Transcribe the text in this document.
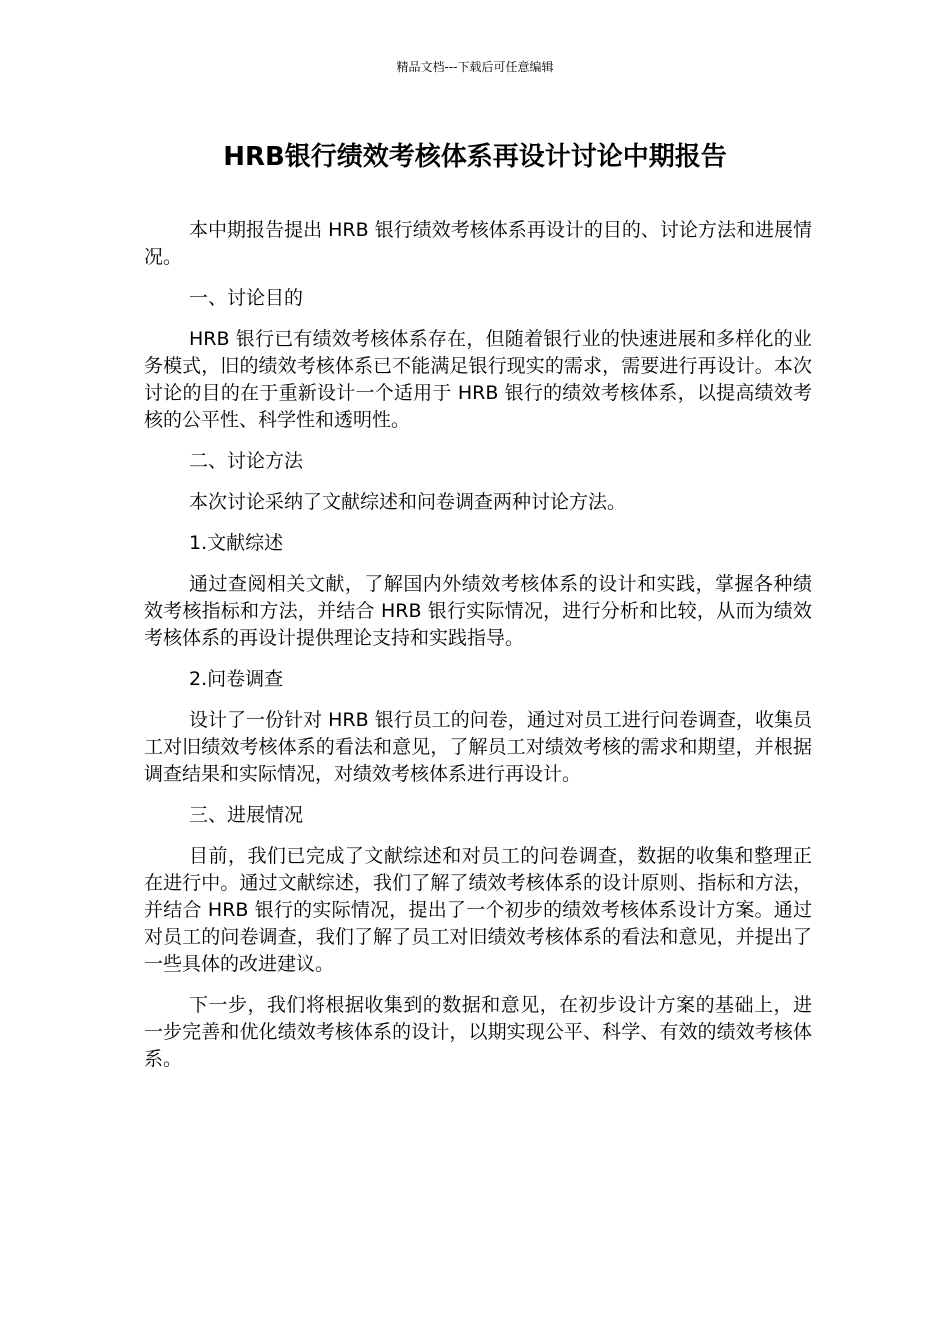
精品文档---下载后可任意编辑
HRB银行绩效考核体系再设计讨论中期报告

本中期报告提出 HRB 银行绩效考核体系再设计的目的、讨论方法和进展情况。

一、讨论目的

HRB 银行已有绩效考核体系存在，但随着银行业的快速进展和多样化的业务模式，旧的绩效考核体系已不能满足银行现实的需求，需要进行再设计。本次讨论的目的在于重新设计一个适用于 HRB 银行的绩效考核体系，以提高绩效考核的公平性、科学性和透明性。

二、讨论方法

本次讨论采纳了文献综述和问卷调查两种讨论方法。

1.文献综述

通过查阅相关文献，了解国内外绩效考核体系的设计和实践，掌握各种绩效考核指标和方法，并结合 HRB 银行实际情况，进行分析和比较，从而为绩效考核体系的再设计提供理论支持和实践指导。

2.问卷调查

设计了一份针对 HRB 银行员工的问卷，通过对员工进行问卷调查，收集员工对旧绩效考核体系的看法和意见，了解员工对绩效考核的需求和期望，并根据调查结果和实际情况，对绩效考核体系进行再设计。

三、进展情况

目前，我们已完成了文献综述和对员工的问卷调查，数据的收集和整理正在进行中。通过文献综述，我们了解了绩效考核体系的设计原则、指标和方法，并结合 HRB 银行的实际情况，提出了一个初步的绩效考核体系设计方案。通过对员工的问卷调查，我们了解了员工对旧绩效考核体系的看法和意见，并提出了一些具体的改进建议。

下一步，我们将根据收集到的数据和意见，在初步设计方案的基础上，进一步完善和优化绩效考核体系的设计，以期实现公平、科学、有效的绩效考核体系。
